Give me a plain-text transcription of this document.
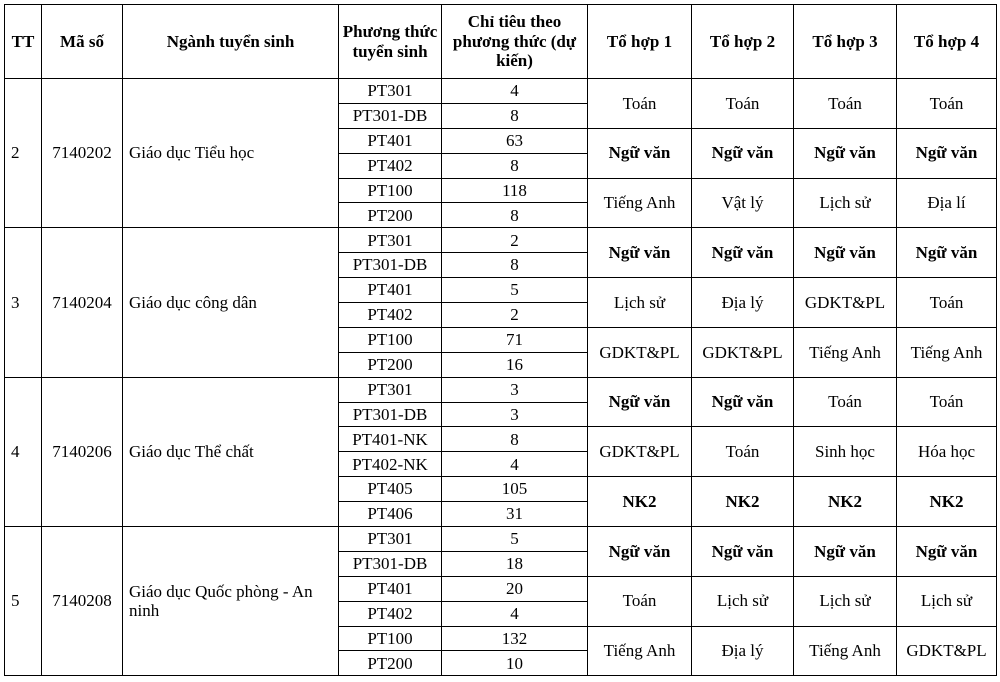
TT	Mã số	Ngành tuyển sinh	Phương thức tuyển sinh	Chỉ tiêu theo phương thức (dự kiến)	Tổ hợp 1	Tổ hợp 2	Tổ hợp 3	Tổ hợp 4
2	7140202	Giáo dục Tiểu học	PT301	4	Toán	Toán	Toán	Toán
			PT301-DB	8				
			PT401	63	Ngữ văn	Ngữ văn	Ngữ văn	Ngữ văn
			PT402	8				
			PT100	118	Tiếng Anh	Vật lý	Lịch sử	Địa lí
			PT200	8				
3	7140204	Giáo dục công dân	PT301	2	Ngữ văn	Ngữ văn	Ngữ văn	Ngữ văn
			PT301-DB	8				
			PT401	5	Lịch sử	Địa lý	GDKT&PL	Toán
			PT402	2				
			PT100	71	GDKT&PL	GDKT&PL	Tiếng Anh	Tiếng Anh
			PT200	16				
4	7140206	Giáo dục Thể chất	PT301	3	Ngữ văn	Ngữ văn	Toán	Toán
			PT301-DB	3				
			PT401-NK	8	GDKT&PL	Toán	Sinh học	Hóa học
			PT402-NK	4				
			PT405	105	NK2	NK2	NK2	NK2
			PT406	31				
5	7140208	Giáo dục Quốc phòng - An ninh	PT301	5	Ngữ văn	Ngữ văn	Ngữ văn	Ngữ văn
			PT301-DB	18				
			PT401	20	Toán	Lịch sử	Lịch sử	Lịch sử
			PT402	4				
			PT100	132	Tiếng Anh	Địa lý	Tiếng Anh	GDKT&PL
			PT200	10				
